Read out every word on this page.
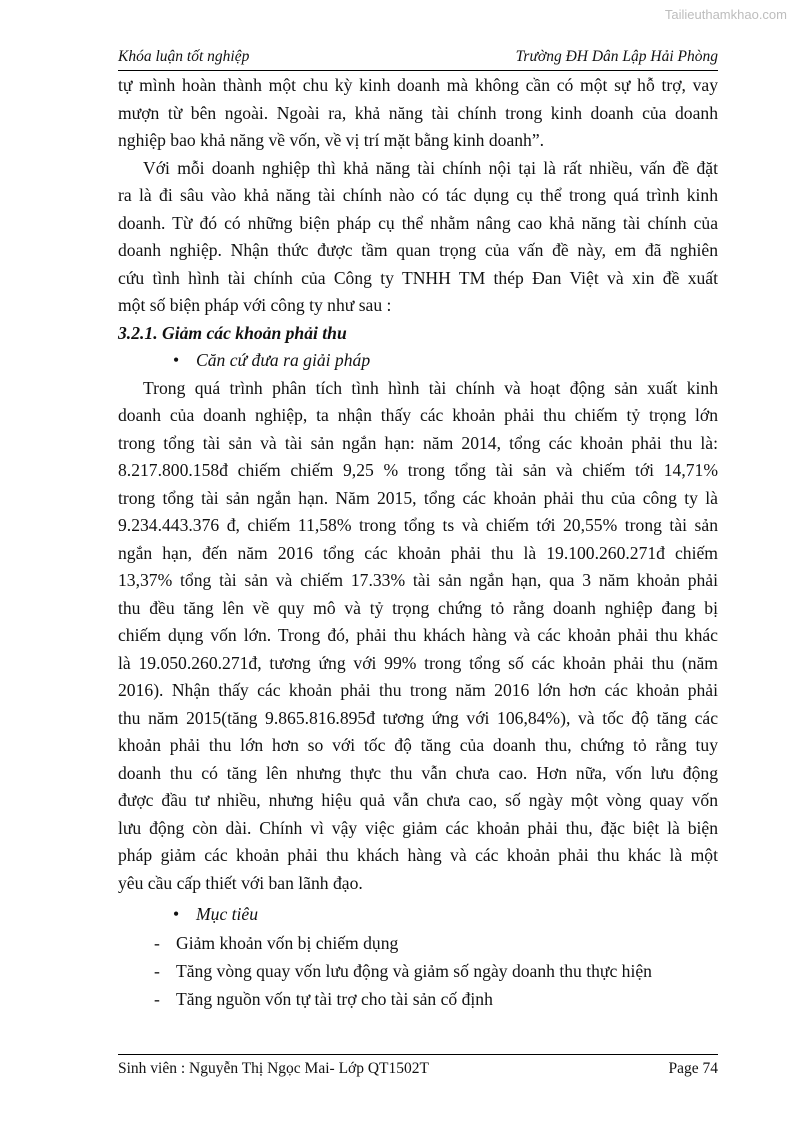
Tailieuthamkhao.com
Khóa luận tốt nghiệp	Trường ĐH Dân Lập Hải Phòng

tự mình hoàn thành một chu kỳ kinh doanh mà không cần có một sự hỗ trợ, vay

mượn từ bên ngoài. Ngoài ra, khả năng tài chính trong kinh doanh của doanh

nghiệp bao khả năng về vốn, về vị trí mặt bằng kinh doanh”.

Với mỗi doanh nghiệp thì khả năng tài chính nội tại là rất nhiều, vấn đề đặt

ra là đi sâu vào khả năng tài chính nào có tác dụng cụ thể trong quá trình kinh

doanh. Từ đó có những biện pháp cụ thể nhằm nâng cao khả năng tài chính của

doanh nghiệp. Nhận thức được tầm quan trọng của vấn đề này, em đã nghiên

cứu tình hình tài chính của Công ty TNHH TM thép Đan Việt và xin đề xuất

một số biện pháp với công ty như sau :

3.2.1. Giảm các khoản phải thu

• Căn cứ đưa ra giải pháp

Trong quá trình phân tích tình hình tài chính và hoạt động sản xuất kinh

doanh của doanh nghiệp, ta nhận thấy các khoản phải thu chiếm tỷ trọng lớn

trong tổng tài sản và tài sản ngắn hạn: năm 2014, tổng các khoản phải thu là:

8.217.800.158đ chiếm chiếm 9,25 % trong tổng tài sản và chiếm tới 14,71%

trong tổng tài sản ngắn hạn. Năm 2015, tổng các khoản phải thu của công ty là

9.234.443.376 đ, chiếm 11,58% trong tổng ts và chiếm tới 20,55% trong tài sản

ngắn hạn, đến năm 2016 tổng các khoản phải thu là 19.100.260.271đ chiếm

13,37% tổng tài sản và chiếm 17.33% tài sản ngắn hạn, qua 3 năm khoản phải

thu đều tăng lên về quy mô và tỷ trọng chứng tỏ rằng doanh nghiệp đang bị

chiếm dụng vốn lớn. Trong đó, phải thu khách hàng và các khoản phải thu khác

là 19.050.260.271đ, tương ứng với 99% trong tổng số các khoản phải thu (năm

2016). Nhận thấy các khoản phải thu trong năm 2016 lớn hơn các khoản phải

thu năm 2015(tăng 9.865.816.895đ tương ứng với 106,84%), và tốc độ tăng các

khoản phải thu lớn hơn so với tốc độ tăng của doanh thu, chứng tỏ rằng tuy

doanh thu có tăng lên nhưng thực thu vẫn chưa cao. Hơn nữa, vốn lưu động

được đầu tư nhiều, nhưng hiệu quả vẫn chưa cao, số ngày một vòng quay vốn

lưu động còn dài. Chính vì vậy việc giảm các khoản phải thu, đặc biệt là biện

pháp giảm các khoản phải thu khách hàng và các khoản phải thu khác là một

yêu cầu cấp thiết với ban lãnh đạo.

• Mục tiêu

- Giảm khoản vốn bị chiếm dụng

- Tăng vòng quay vốn lưu động và giảm số ngày doanh thu thực hiện

- Tăng nguồn vốn tự tài trợ cho tài sản cố định

Sinh viên : Nguyễn Thị Ngọc Mai- Lớp QT1502T	Page 74
